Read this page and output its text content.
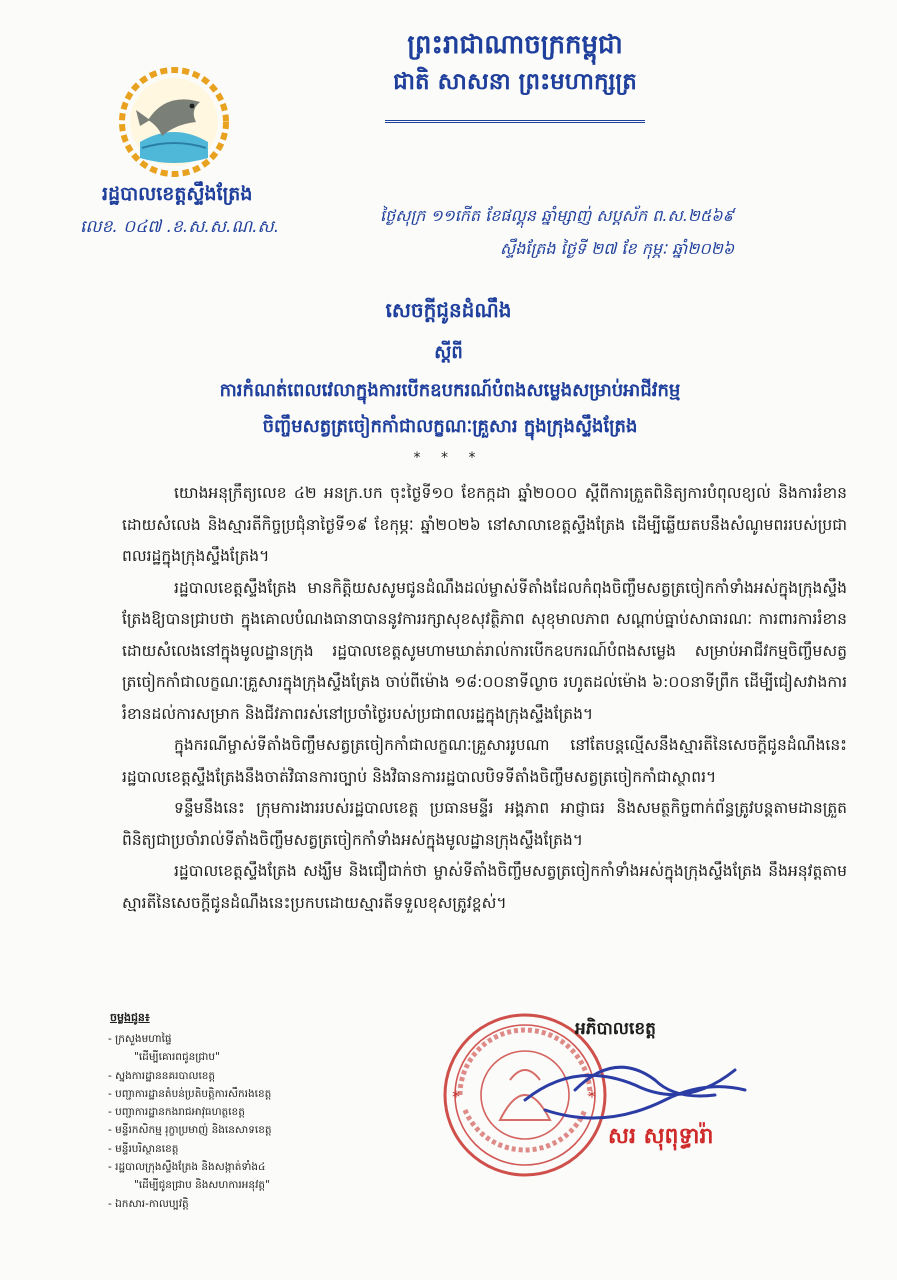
ព្រះរាជាណាចក្រកម្ពុជា
ជាតិ សាសនា ព្រះមហាក្សត្រ
រដ្ឋបាលខេត្តស្ទឹងត្រែង
លេខ. ០៤៧ .ខ.ស.ស.ណ.ស.
ថ្ងៃសុក្រ ១១កើត ខែផល្គុន ឆ្នាំម្សាញ់ សប្តស័ក ព.ស.២៥៦៩
ស្ទឹងត្រែង ថ្ងៃទី ២៧ ខែ កុម្ភៈ ឆ្នាំ២០២៦
សេចក្តីជូនដំណឹង
ស្តីពី
ការកំណត់ពេលវេលាក្នុងការបើកឧបករណ៍បំពងសម្លេងសម្រាប់អាជីវកម្ម
ចិញ្ចឹមសត្វត្រចៀកកាំជាលក្ខណៈគ្រួសារ ក្នុងក្រុងស្ទឹងត្រែង
* * *

យោងអនុក្រឹត្យលេខ ៤២ អនក្រ.បក ចុះថ្ងៃទី១០ ខែកក្កដា ឆ្នាំ២០០០ ស្តីពីការត្រួតពិនិត្យការបំពុលខ្យល់ និងការរំខានដោយសំលេង និងស្មារតីកិច្ចប្រជុំនាថ្ងៃទី១៩ ខែកុម្ភៈ ឆ្នាំ២០២៦ នៅសាលាខេត្តស្ទឹងត្រែង ដើម្បីឆ្លើយតបនឹងសំណូមពររបស់ប្រជាពលរដ្ឋក្នុងក្រុងស្ទឹងត្រែង។

រដ្ឋបាលខេត្តស្ទឹងត្រែង មានកិត្តិយសសូមជូនដំណឹងដល់ម្ចាស់ទីតាំងដែលកំពុងចិញ្ចឹមសត្វត្រចៀកកាំទាំងអស់ក្នុងក្រុងស្ទឹងត្រែងឱ្យបានជ្រាបថា ក្នុងគោលបំណងធានាបាននូវការរក្សាសុខសុវត្ថិភាព សុខុមាលភាព សណ្តាប់ធ្នាប់សាធារណៈ ការពារការរំខានដោយសំលេងនៅក្នុងមូលដ្ឋានក្រុង រដ្ឋបាលខេត្តសូមហាមឃាត់រាល់ការបើកឧបករណ៍បំពងសម្លេង សម្រាប់អាជីវកម្មចិញ្ចឹមសត្វត្រចៀកកាំជាលក្ខណៈគ្រួសារក្នុងក្រុងស្ទឹងត្រែង ចាប់ពីម៉ោង ១៨:០០នាទីល្ងាច រហូតដល់ម៉ោង ៦:០០នាទីព្រឹក ដើម្បីជៀសវាងការរំខានដល់ការសម្រាក និងជីវភាពរស់នៅប្រចាំថ្ងៃរបស់ប្រជាពលរដ្ឋក្នុងក្រុងស្ទឹងត្រែង។

ក្នុងករណីម្ចាស់ទីតាំងចិញ្ចឹមសត្វត្រចៀកកាំជាលក្ខណៈគ្រួសាររូបណា នៅតែបន្តល្មើសនឹងស្មារតីនៃសេចក្តីជូនដំណឹងនេះ រដ្ឋបាលខេត្តស្ទឹងត្រែងនឹងចាត់វិធានការច្បាប់ និងវិធានការរដ្ឋបាលបិទទីតាំងចិញ្ចឹមសត្វត្រចៀកកាំជាស្ថាពរ។

ទន្ទឹមនឹងនេះ ក្រុមការងាររបស់រដ្ឋបាលខេត្ត ប្រធានមន្ទីរ អង្គភាព អាជ្ញាធរ និងសមត្ថកិច្ចពាក់ព័ន្ធត្រូវបន្តតាមដានត្រួតពិនិត្យជាប្រចាំរាល់ទីតាំងចិញ្ចឹមសត្វត្រចៀកកាំទាំងអស់ក្នុងមូលដ្ឋានក្រុងស្ទឹងត្រែង។

រដ្ឋបាលខេត្តស្ទឹងត្រែង សង្ឃឹម និងជឿជាក់ថា ម្ចាស់ទីតាំងចិញ្ចឹមសត្វត្រចៀកកាំទាំងអស់ក្នុងក្រុងស្ទឹងត្រែង នឹងអនុវត្តតាមស្មារតីនៃសេចក្តីជូនដំណឹងនេះប្រកបដោយស្មារតីទទួលខុសត្រូវខ្ពស់។

ចម្លងជូន៖
- ក្រសួងមហាផ្ទៃ
"ដើម្បីគោរពជូនជ្រាប"
- ស្នងការដ្ឋាននគរបាលខេត្ត
- បញ្ជាការដ្ឋានតំបន់ប្រតិបត្តិការសឹករងខេត្ត
- បញ្ជាការដ្ឋានកងរាជអាវុធហត្ថខេត្ត
- មន្ទីរកសិកម្ម រុក្ខាប្រមាញ់ និងនេសាទខេត្ត
- មន្ទីរបរិស្ថានខេត្ត
- រដ្ឋបាលក្រុងស្ទឹងត្រែង និងសង្កាត់ទាំង៤
"ដើម្បីជូនជ្រាប និងសហការអនុវត្ត"
- ឯកសារ-កាលប្បវត្តិ
*	*
អភិបាលខេត្ត
សរ សុពុទ្ធារ៉ា
